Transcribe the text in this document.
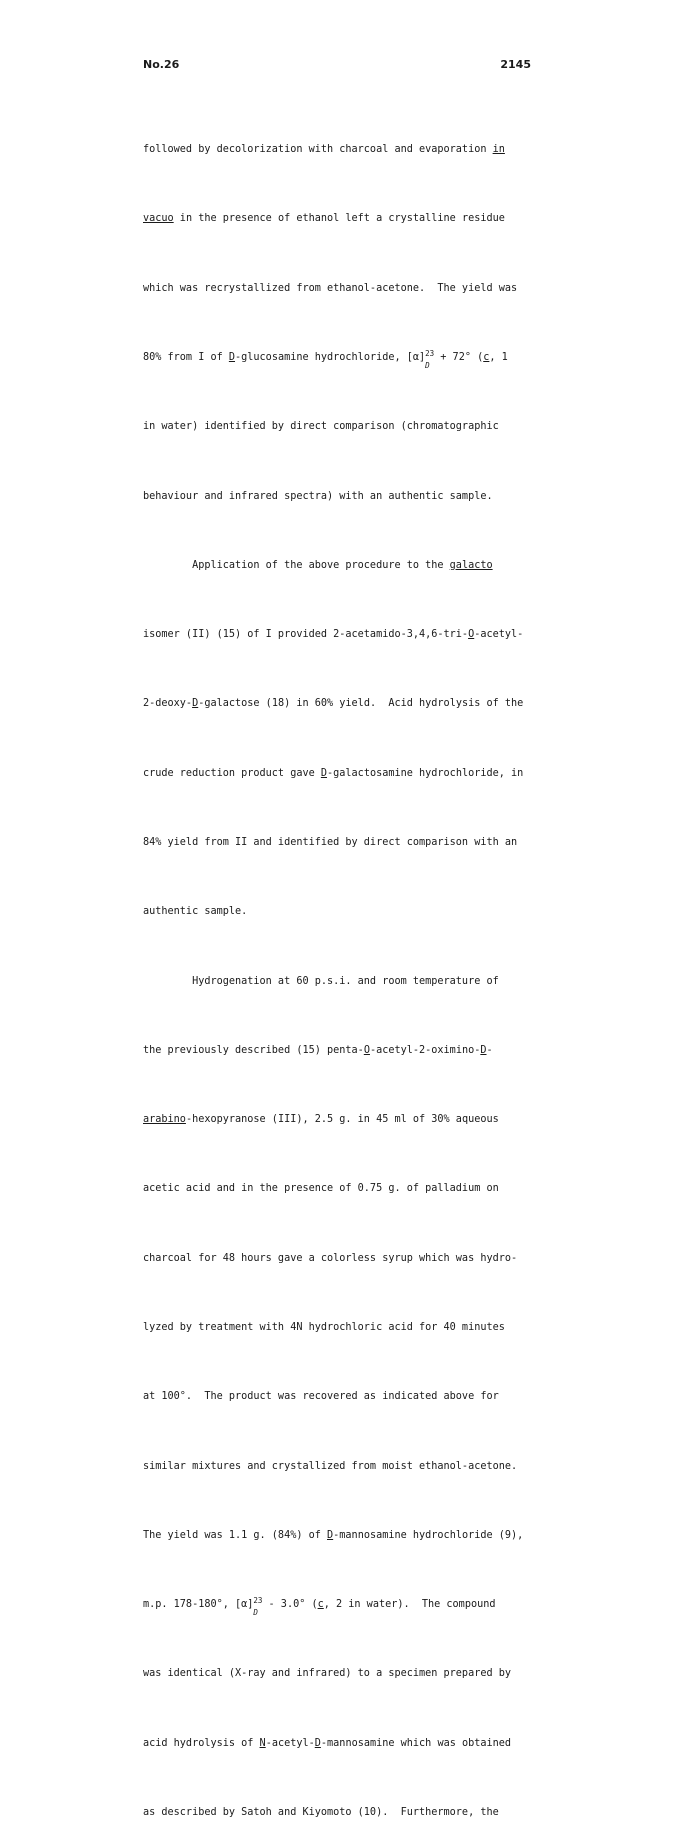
No.26	2145

followed by decolorization with charcoal and evaporation in

vacuo in the presence of ethanol left a crystalline residue

which was recrystallized from ethanol-acetone.  The yield was

80% from I of D-glucosamine hydrochloride, [α] 23
D
+ 72° (c, 1

in water) identified by direct comparison (chromatographic

behaviour and infrared spectra) with an authentic sample.

Application of the above procedure to the galacto

isomer (II) (15) of I provided 2-acetamido-3,4,6-tri-O-acetyl-

2-deoxy-D-galactose (18) in 60% yield.  Acid hydrolysis of the

crude reduction product gave D-galactosamine hydrochloride, in

84% yield from II and identified by direct comparison with an

authentic sample.

Hydrogenation at 60 p.s.i. and room temperature of

the previously described (15) penta-O-acetyl-2-oximino-D-

arabino-hexopyranose (III), 2.5 g. in 45 ml of 30% aqueous

acetic acid and in the presence of 0.75 g. of palladium on

charcoal for 48 hours gave a colorless syrup which was hydro-

lyzed by treatment with 4N hydrochloric acid for 40 minutes

at 100°.  The product was recovered as indicated above for

similar mixtures and crystallized from moist ethanol-acetone.

The yield was 1.1 g. (84%) of D-mannosamine hydrochloride (9),

m.p. 178-180°, [α] 23
D
- 3.0° (c, 2 in water).  The compound

was identical (X-ray and infrared) to a specimen prepared by

acid hydrolysis of N-acetyl-D-mannosamine which was obtained

as described by Satoh and Kiyomoto (10).  Furthermore, the
